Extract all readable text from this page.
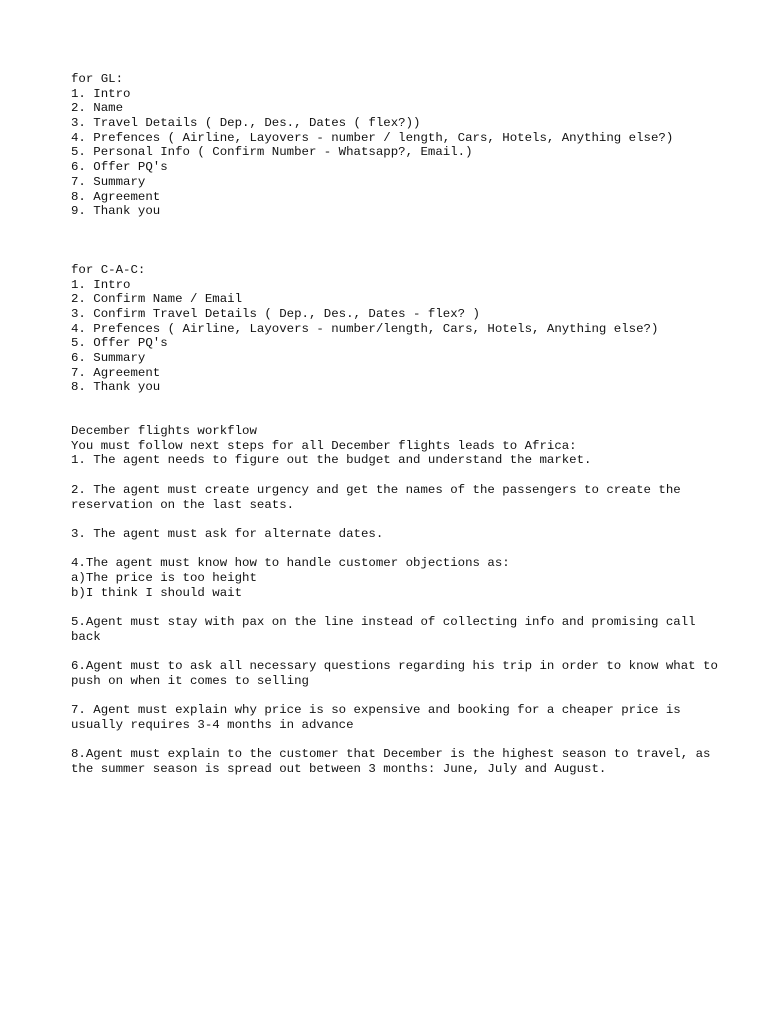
for GL:
1. Intro
2. Name
3. Travel Details ( Dep., Des., Dates ( flex?))
4. Prefences ( Airline, Layovers - number / length, Cars, Hotels, Anything else?)
5. Personal Info ( Confirm Number - Whatsapp?, Email.)
6. Offer PQ's
7. Summary
8. Agreement
9. Thank you
for C-A-C:
1. Intro
2. Confirm Name / Email
3. Confirm Travel Details ( Dep., Des., Dates - flex? )
4. Prefences ( Airline, Layovers - number/length, Cars, Hotels, Anything else?)
5. Offer PQ's
6. Summary
7. Agreement
8. Thank you
December flights workflow
You must follow next steps for all December flights leads to Africa:
1. The agent needs to figure out the budget and understand the market.
2. The agent must create urgency and get the names of the passengers to create the reservation on the last seats.
3. The agent must ask for alternate dates.
4.The agent must know how to handle customer objections as:
a)The price is too height
b)I think I should wait
5.Agent must stay with pax on the line instead of collecting info and promising call back
6.Agent must to ask all necessary questions regarding his trip in order to know what to push on when it comes to selling
7. Agent must explain why price is so expensive and booking for a cheaper price is usually requires 3-4 months in advance
8.Agent must explain to the customer that December is the highest season to travel, as the summer season is spread out between 3 months: June, July and August.
